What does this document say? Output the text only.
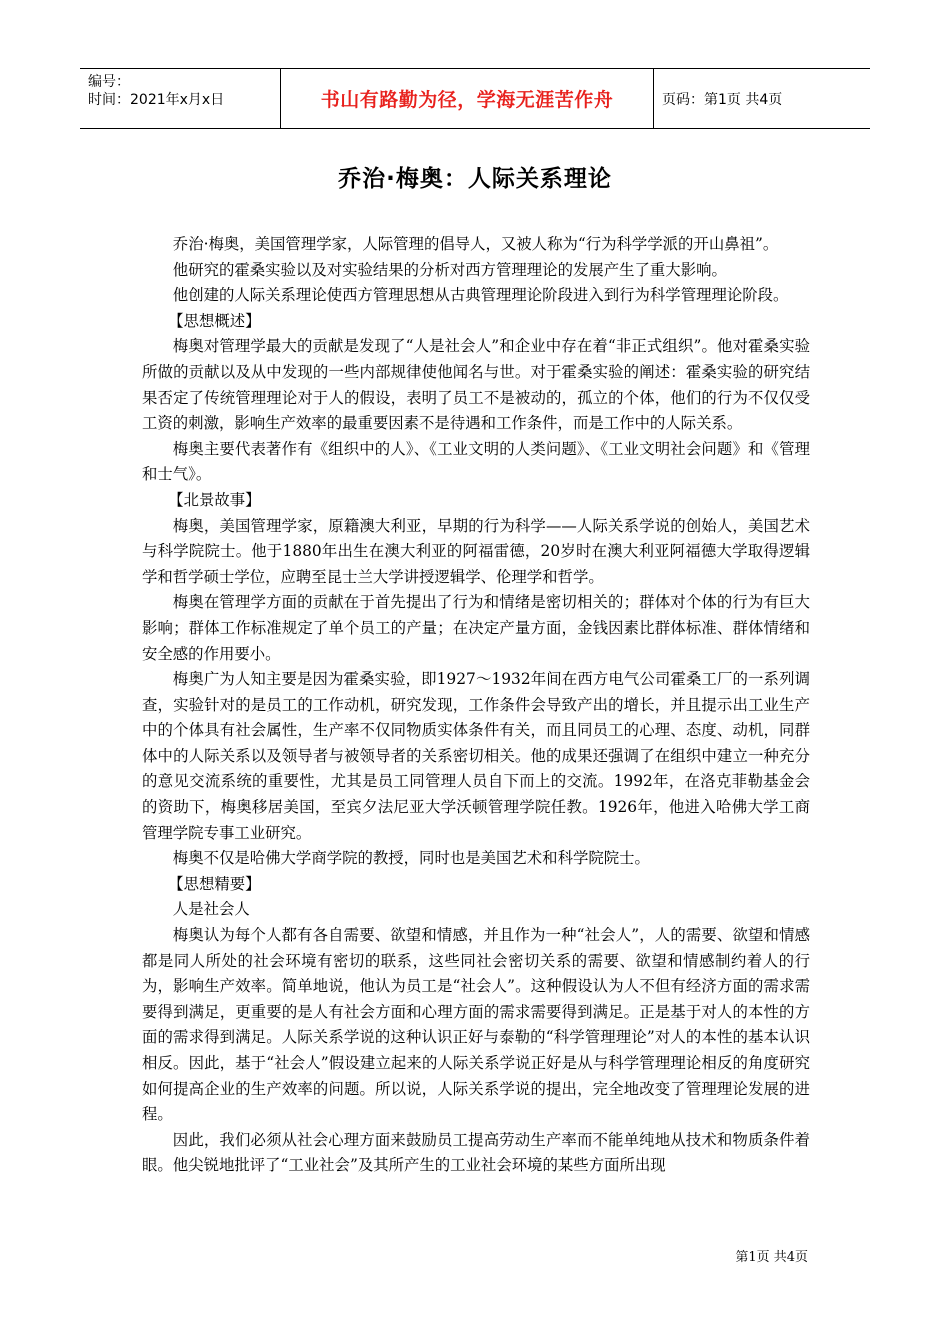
编号：
时间：2021年x月x日	书山有路勤为径，学海无涯苦作舟	页码：第1页 共4页
乔治·梅奥：人际关系理论

乔治·梅奥，美国管理学家，人际管理的倡导人，又被人称为“行为科学学派的开山鼻祖”。

他研究的霍桑实验以及对实验结果的分析对西方管理理论的发展产生了重大影响。

他创建的人际关系理论使西方管理思想从古典管理理论阶段进入到行为科学管理理论阶段。

【思想概述】

梅奥对管理学最大的贡献是发现了“人是社会人”和企业中存在着“非正式组织”。他对霍桑实验所做的贡献以及从中发现的一些内部规律使他闻名与世。对于霍桑实验的阐述：霍桑实验的研究结果否定了传统管理理论对于人的假设，表明了员工不是被动的，孤立的个体，他们的行为不仅仅受工资的刺激，影响生产效率的最重要因素不是待遇和工作条件，而是工作中的人际关系。

梅奥主要代表著作有《组织中的人》、《工业文明的人类问题》、《工业文明社会问题》和《管理和士气》。

【北景故事】

梅奥，美国管理学家，原籍澳大利亚，早期的行为科学——人际关系学说的创始人，美国艺术与科学院院士。他于1880年出生在澳大利亚的阿福雷德，20岁时在澳大利亚阿福德大学取得逻辑学和哲学硕士学位，应聘至昆士兰大学讲授逻辑学、伦理学和哲学。

梅奥在管理学方面的贡献在于首先提出了行为和情绪是密切相关的；群体对个体的行为有巨大影响；群体工作标准规定了单个员工的产量；在决定产量方面，金钱因素比群体标准、群体情绪和安全感的作用要小。

梅奥广为人知主要是因为霍桑实验，即1927～1932年间在西方电气公司霍桑工厂的一系列调查，实验针对的是员工的工作动机，研究发现，工作条件会导致产出的增长，并且提示出工业生产中的个体具有社会属性，生产率不仅同物质实体条件有关，而且同员工的心理、态度、动机，同群体中的人际关系以及领导者与被领导者的关系密切相关。他的成果还强调了在组织中建立一种充分的意见交流系统的重要性，尤其是员工同管理人员自下而上的交流。1992年，在洛克菲勒基金会的资助下，梅奥移居美国，至宾夕法尼亚大学沃顿管理学院任教。1926年，他进入哈佛大学工商管理学院专事工业研究。

梅奥不仅是哈佛大学商学院的教授，同时也是美国艺术和科学院院士。

【思想精要】

人是社会人

梅奥认为每个人都有各自需要、欲望和情感，并且作为一种“社会人”，人的需要、欲望和情感都是同人所处的社会环境有密切的联系，这些同社会密切关系的需要、欲望和情感制约着人的行为，影响生产效率。简单地说，他认为员工是“社会人”。这种假设认为人不但有经济方面的需求需要得到满足，更重要的是人有社会方面和心理方面的需求需要得到满足。正是基于对人的本性的方面的需求得到满足。人际关系学说的这种认识正好与泰勒的“科学管理理论”对人的本性的基本认识相反。因此，基于“社会人”假设建立起来的人际关系学说正好是从与科学管理理论相反的角度研究如何提高企业的生产效率的问题。所以说，人际关系学说的提出，完全地改变了管理理论发展的进程。

因此，我们必须从社会心理方面来鼓励员工提高劳动生产率而不能单纯地从技术和物质条件着眼。他尖锐地批评了“工业社会”及其所产生的工业社会环境的某些方面所出现

第1页 共4页
